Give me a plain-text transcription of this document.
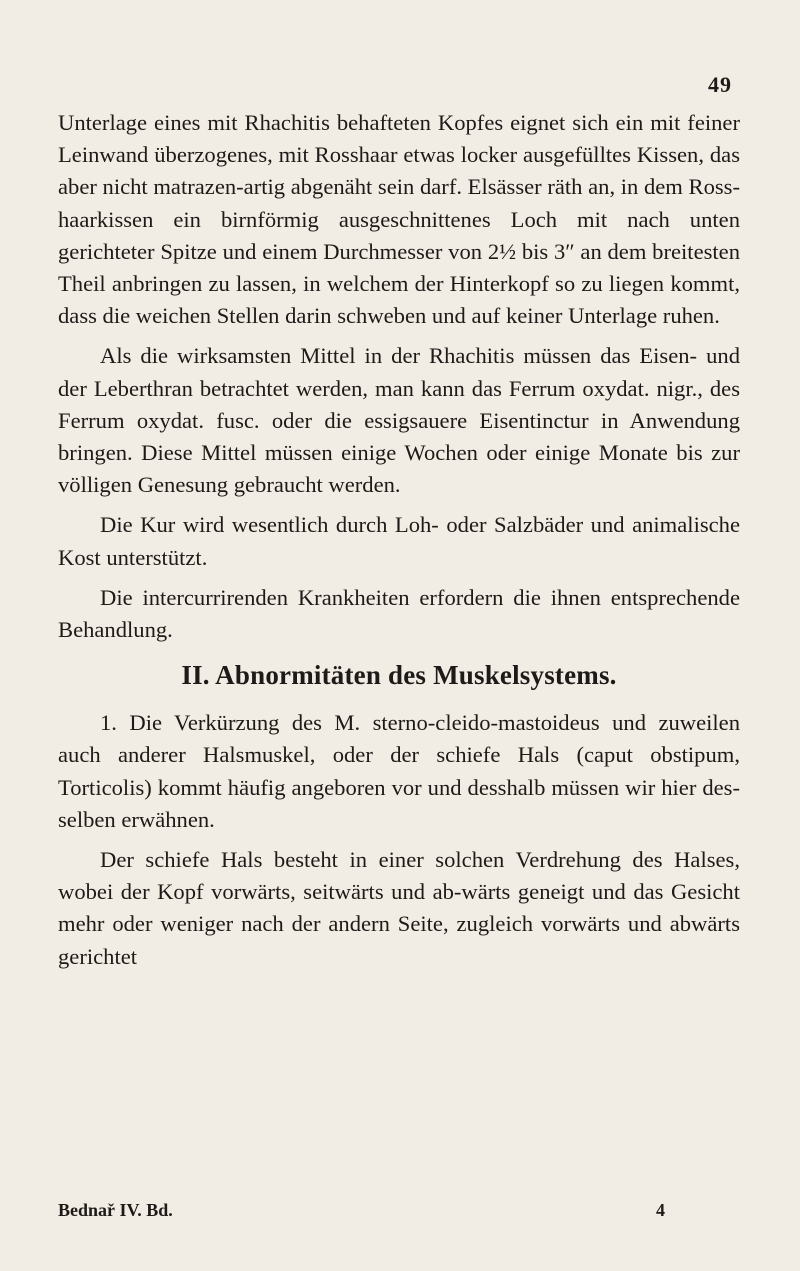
49

Unterlage eines mit Rhachitis behafteten Kopfes eignet sich ein mit feiner Leinwand überzogenes, mit Rosshaar etwas locker ausgefülltes Kissen, das aber nicht matrazen-artig abgenäht sein darf. Elsässer räth an, in dem Ross-haarkissen ein birnförmig ausgeschnittenes Loch mit nach unten gerichteter Spitze und einem Durchmesser von 2½ bis 3″ an dem breitesten Theil anbringen zu lassen, in welchem der Hinterkopf so zu liegen kommt, dass die weichen Stellen darin schweben und auf keiner Unterlage ruhen.

Als die wirksamsten Mittel in der Rhachitis müssen das Eisen- und der Leberthran betrachtet werden, man kann das Ferrum oxydat. nigr., des Ferrum oxydat. fusc. oder die essigsauere Eisentinctur in Anwendung bringen. Diese Mittel müssen einige Wochen oder einige Monate bis zur völligen Genesung gebraucht werden.

Die Kur wird wesentlich durch Loh- oder Salzbäder und animalische Kost unterstützt.

Die intercurrirenden Krankheiten erfordern die ihnen entsprechende Behandlung.

II. Abnormitäten des Muskelsystems.

1. Die Verkürzung des M. sterno-cleido-mastoideus und zuweilen auch anderer Halsmuskel, oder der schiefe Hals (caput obstipum, Torticolis) kommt häufig angeboren vor und desshalb müssen wir hier des-selben erwähnen.

Der schiefe Hals besteht in einer solchen Verdrehung des Halses, wobei der Kopf vorwärts, seitwärts und ab-wärts geneigt und das Gesicht mehr oder weniger nach der andern Seite, zugleich vorwärts und abwärts gerichtet

Bednař IV. Bd.	4
